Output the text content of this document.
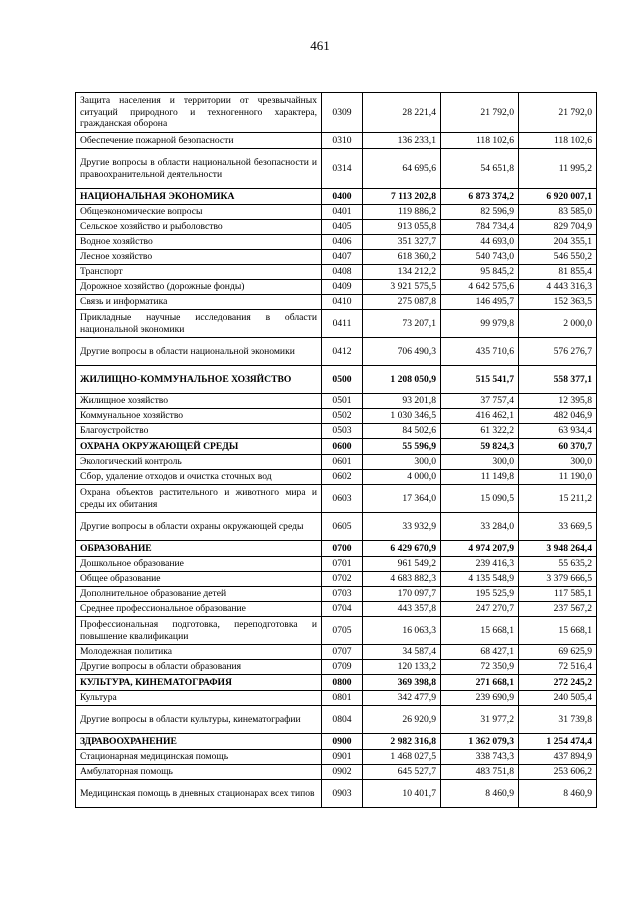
461
Защита населения и территории от чрезвычайных ситуаций природного и техногенного характера, гражданская оборона	0309	28 221,4	21 792,0	21 792,0
Обеспечение пожарной безопасности	0310	136 233,1	118 102,6	118 102,6
Другие вопросы в области национальной безопасности и правоохранительной деятельности	0314	64 695,6	54 651,8	11 995,2
НАЦИОНАЛЬНАЯ ЭКОНОМИКА	0400	7 113 202,8	6 873 374,2	6 920 007,1
Общеэкономические вопросы	0401	119 886,2	82 596,9	83 585,0
Сельское хозяйство и рыболовство	0405	913 055,8	784 734,4	829 704,9
Водное хозяйство	0406	351 327,7	44 693,0	204 355,1
Лесное хозяйство	0407	618 360,2	540 743,0	546 550,2
Транспорт	0408	134 212,2	95 845,2	81 855,4
Дорожное хозяйство (дорожные фонды)	0409	3 921 575,5	4 642 575,6	4 443 316,3
Связь и информатика	0410	275 087,8	146 495,7	152 363,5
Прикладные научные исследования в области национальной экономики	0411	73 207,1	99 979,8	2 000,0
Другие вопросы в области национальной экономики	0412	706 490,3	435 710,6	576 276,7
ЖИЛИЩНО-КОММУНАЛЬНОЕ ХОЗЯЙСТВО	0500	1 208 050,9	515 541,7	558 377,1
Жилищное хозяйство	0501	93 201,8	37 757,4	12 395,8
Коммунальное хозяйство	0502	1 030 346,5	416 462,1	482 046,9
Благоустройство	0503	84 502,6	61 322,2	63 934,4
ОХРАНА ОКРУЖАЮЩЕЙ СРЕДЫ	0600	55 596,9	59 824,3	60 370,7
Экологический контроль	0601	300,0	300,0	300,0
Сбор, удаление отходов и очистка сточных вод	0602	4 000,0	11 149,8	11 190,0
Охрана объектов растительного и животного мира и среды их обитания	0603	17 364,0	15 090,5	15 211,2
Другие вопросы в области охраны окружающей среды	0605	33 932,9	33 284,0	33 669,5
ОБРАЗОВАНИЕ	0700	6 429 670,9	4 974 207,9	3 948 264,4
Дошкольное образование	0701	961 549,2	239 416,3	55 635,2
Общее образование	0702	4 683 882,3	4 135 548,9	3 379 666,5
Дополнительное образование детей	0703	170 097,7	195 525,9	117 585,1
Среднее профессиональное образование	0704	443 357,8	247 270,7	237 567,2
Профессиональная подготовка, переподготовка и повышение квалификации	0705	16 063,3	15 668,1	15 668,1
Молодежная политика	0707	34 587,4	68 427,1	69 625,9
Другие вопросы в области образования	0709	120 133,2	72 350,9	72 516,4
КУЛЬТУРА, КИНЕМАТОГРАФИЯ	0800	369 398,8	271 668,1	272 245,2
Культура	0801	342 477,9	239 690,9	240 505,4
Другие вопросы в области культуры, кинематографии	0804	26 920,9	31 977,2	31 739,8
ЗДРАВООХРАНЕНИЕ	0900	2 982 316,8	1 362 079,3	1 254 474,4
Стационарная медицинская помощь	0901	1 468 027,5	338 743,3	437 894,9
Амбулаторная помощь	0902	645 527,7	483 751,8	253 606,2
Медицинская помощь в дневных стационарах всех типов	0903	10 401,7	8 460,9	8 460,9
